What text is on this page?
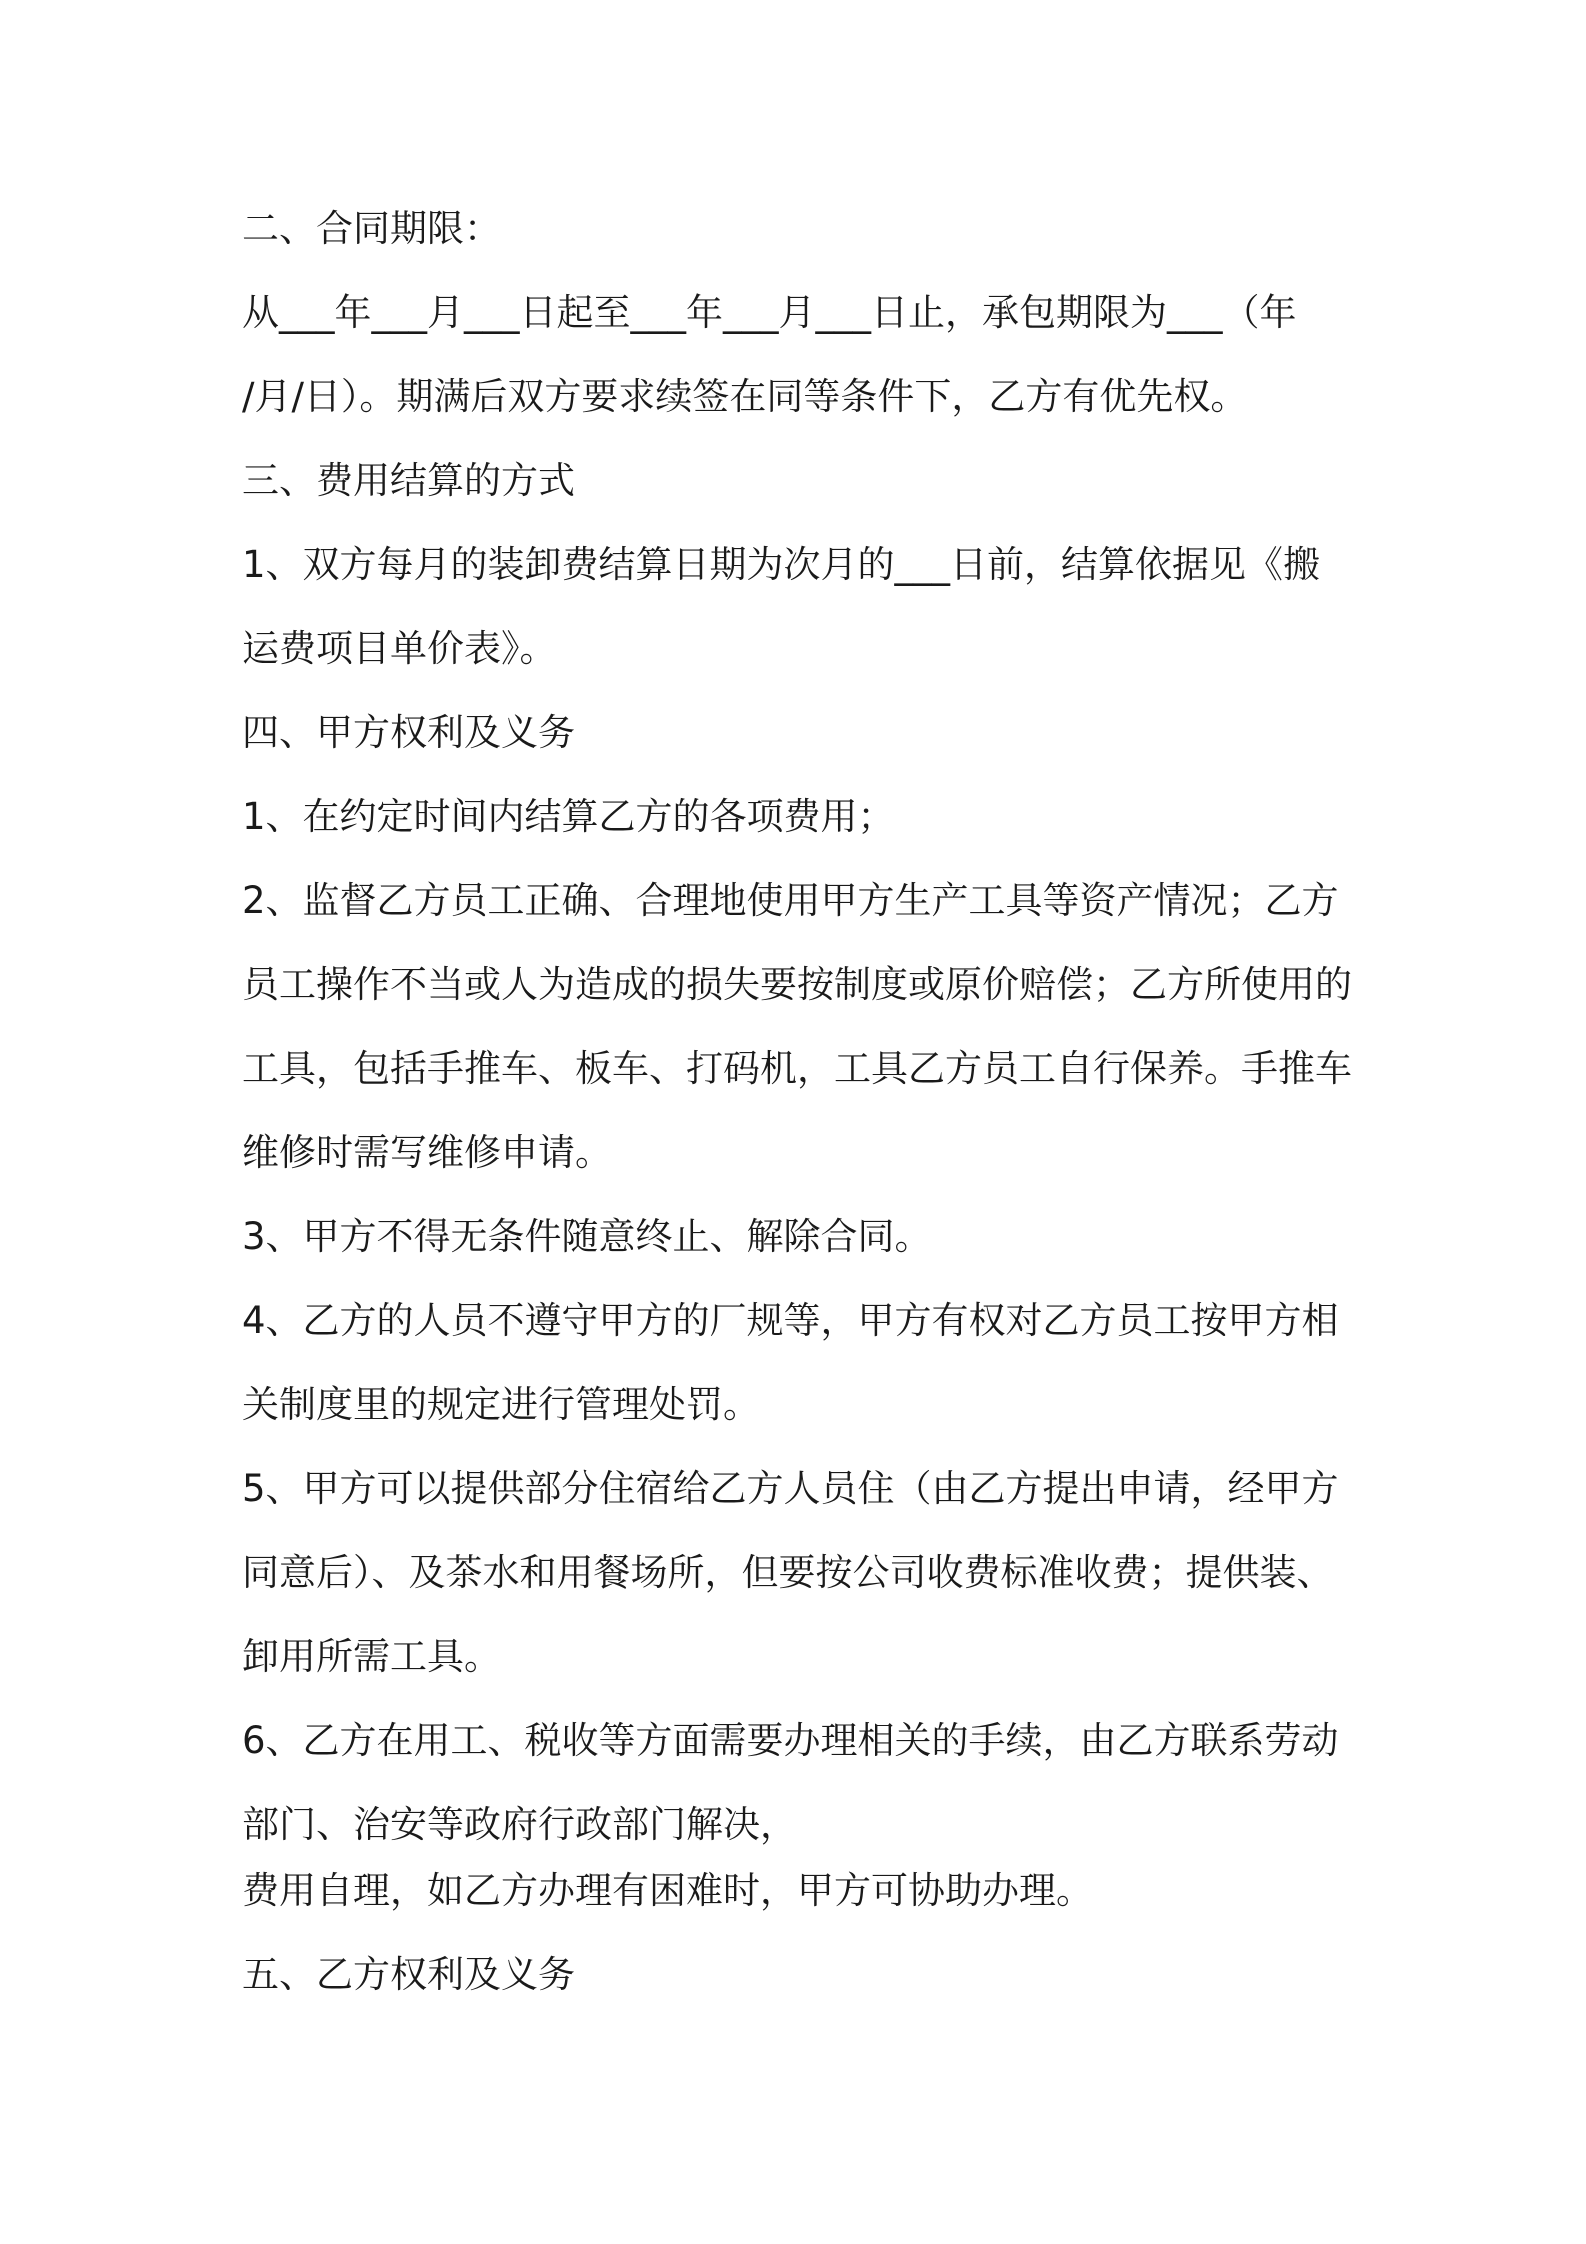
二、合同期限：
从___年___月___日起至___年___月___日止，承包期限为___（年
/月/日）。期满后双方要求续签在同等条件下，乙方有优先权。
三、费用结算的方式
1、双方每月的装卸费结算日期为次月的___日前，结算依据见《搬
运费项目单价表》。
四、甲方权利及义务
1、在约定时间内结算乙方的各项费用；
2、监督乙方员工正确、合理地使用甲方生产工具等资产情况；乙方
员工操作不当或人为造成的损失要按制度或原价赔偿；乙方所使用的
工具，包括手推车、板车、打码机，工具乙方员工自行保养。手推车
维修时需写维修申请。
3、甲方不得无条件随意终止、解除合同。
4、乙方的人员不遵守甲方的厂规等，甲方有权对乙方员工按甲方相
关制度里的规定进行管理处罚。
5、甲方可以提供部分住宿给乙方人员住（由乙方提出申请，经甲方
同意后）、及茶水和用餐场所，但要按公司收费标准收费；提供装、
卸用所需工具。
6、乙方在用工、税收等方面需要办理相关的手续，由乙方联系劳动
部门、治安等政府行政部门解决，
费用自理，如乙方办理有困难时，甲方可协助办理。
五、乙方权利及义务
